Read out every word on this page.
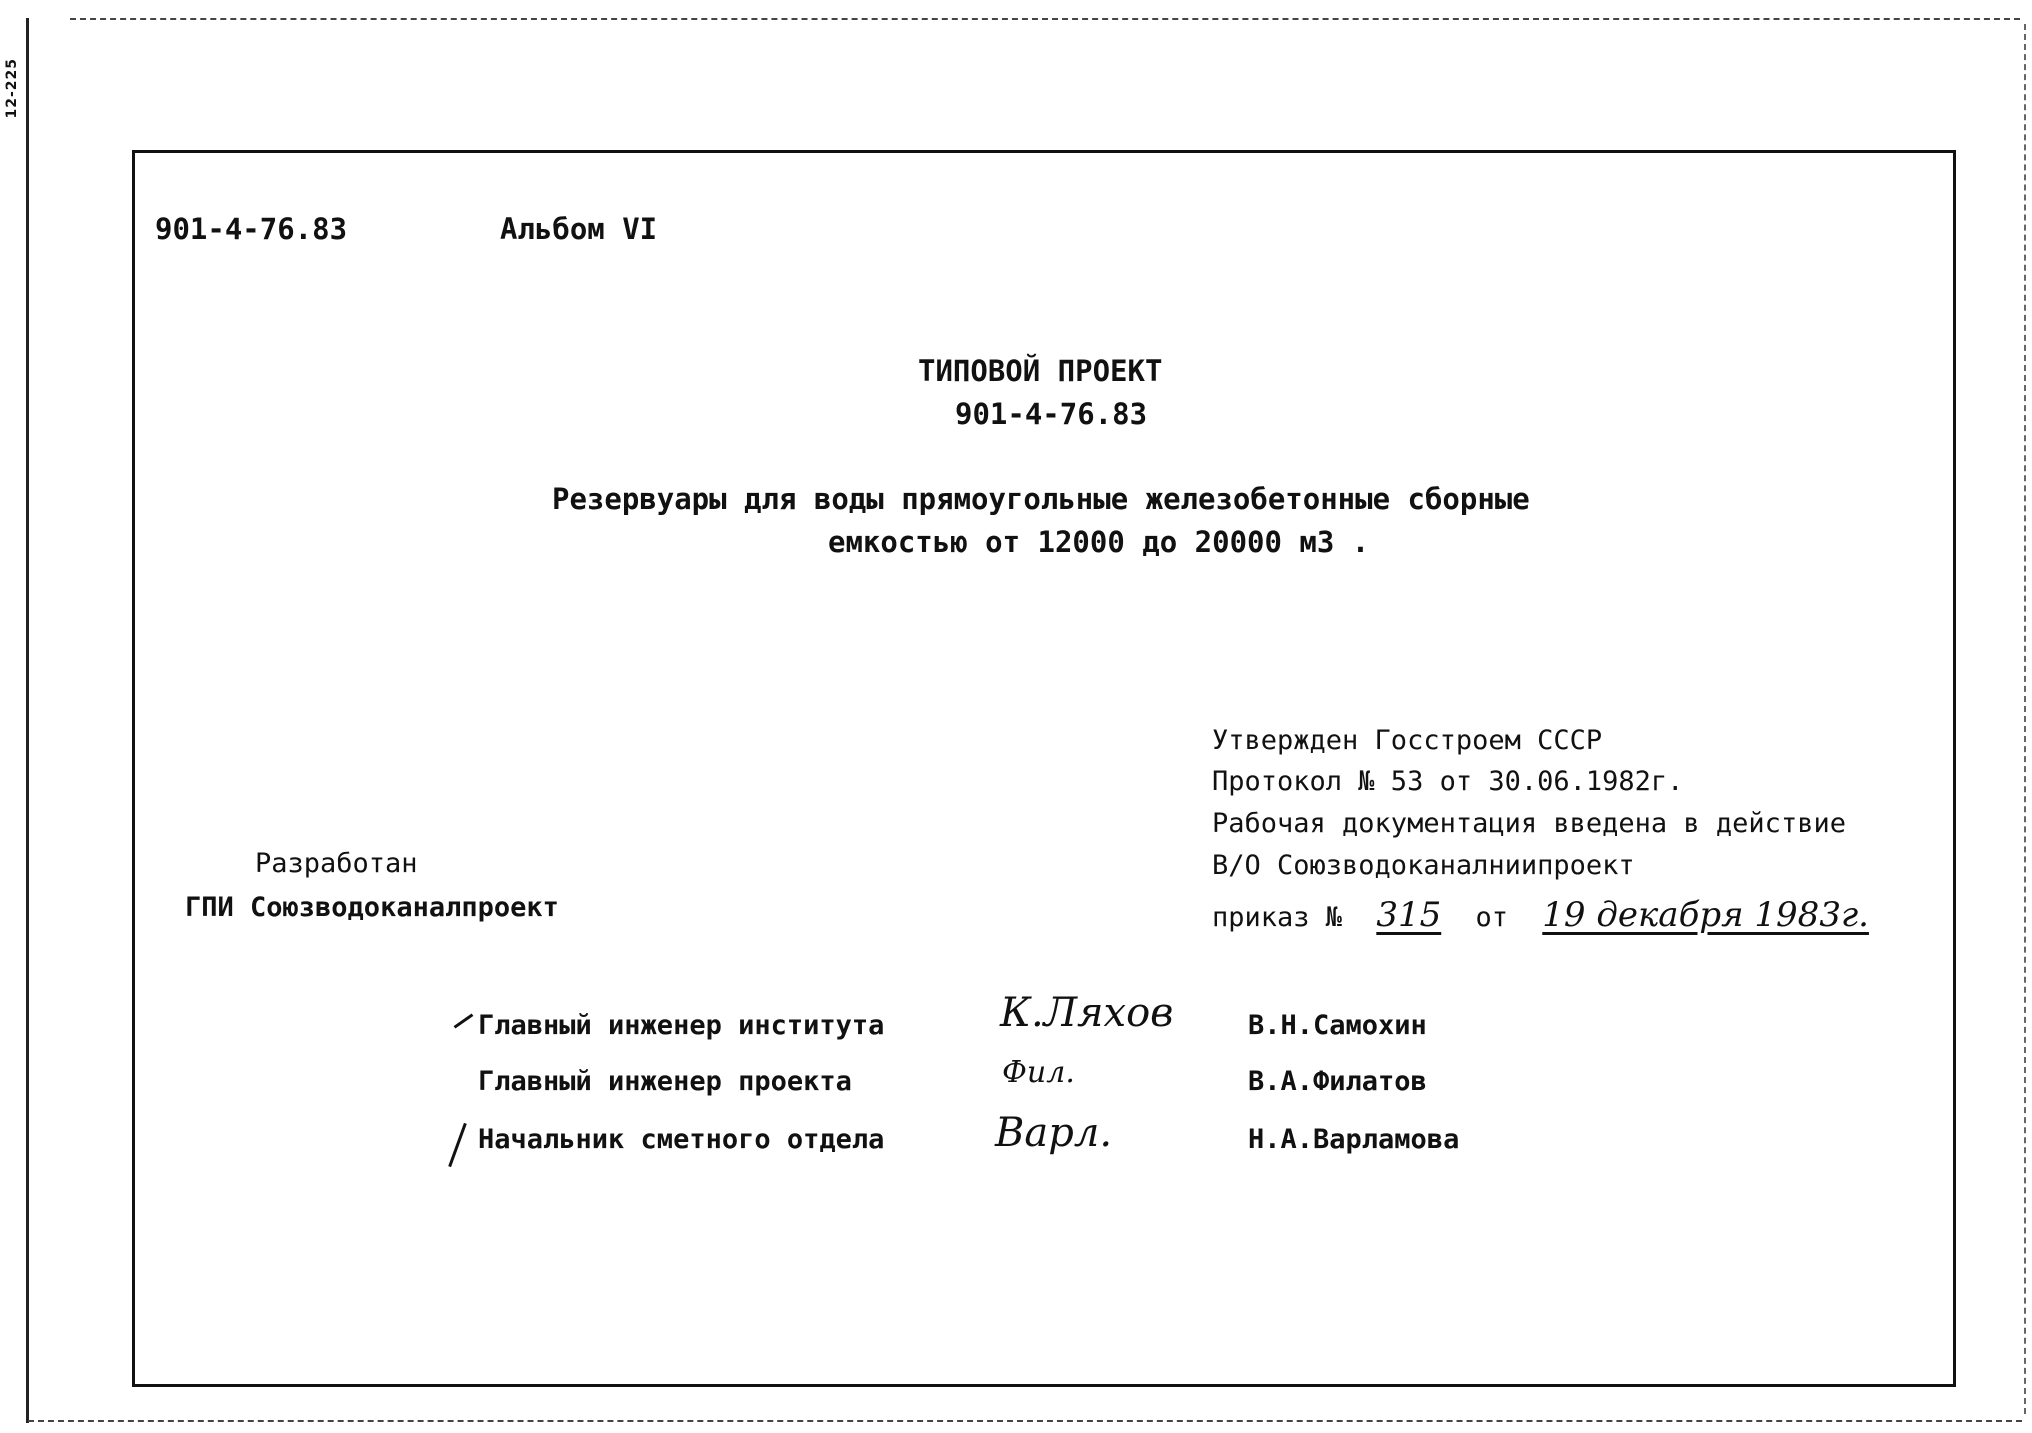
12-225
901-4-76.83	Альбом VI
ТИПОВОЙ ПРОЕКТ
901-4-76.83
Резервуары для воды прямоугольные железобетонные сборные
емкостью от 12000 до 20000 м3 .
Утвержден Госстроем СССР
Протокол № 53 от 30.06.1982г.
Рабочая документация введена в действие
В/О Союзводоканалниипроект
приказ № 315 от 19 декабря 1983г.
Разработан
ГПИ Союзводоканалпроект
Главный инженер института	К.Ляхов	В.Н.Самохин
Главный инженер проекта	Фил.	В.А.Филатов
Начальник сметного отдела	Варл.	Н.А.Варламова
